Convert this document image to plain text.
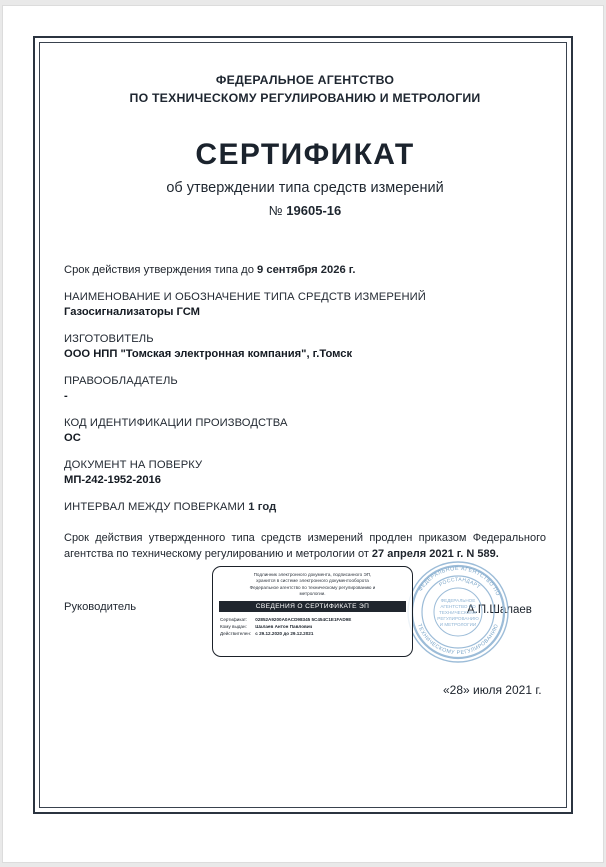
ФЕДЕРАЛЬНОЕ АГЕНТСТВО
ПО ТЕХНИЧЕСКОМУ РЕГУЛИРОВАНИЮ И МЕТРОЛОГИИ
СЕРТИФИКАТ
об утверждении типа средств измерений
№ 19605-16
Срок действия утверждения типа до 9 сентября 2026 г.
НАИМЕНОВАНИЕ И ОБОЗНАЧЕНИЕ ТИПА СРЕДСТВ ИЗМЕРЕНИЙ
Газосигнализаторы ГСМ
ИЗГОТОВИТЕЛЬ
ООО НПП "Томская электронная компания", г.Томск
ПРАВООБЛАДАТЕЛЬ
-
КОД ИДЕНТИФИКАЦИИ ПРОИЗВОДСТВА
ОС
ДОКУМЕНТ НА ПОВЕРКУ
МП-242-1952-2016
ИНТЕРВАЛ МЕЖДУ ПОВЕРКАМИ 1 год
Срок действия утвержденного типа средств измерений продлен приказом Федерального агентства по техническому регулированию и метрологии от 27 апреля 2021 г. N 589.
Руководитель	А.П.Шалаев
«28» июля 2021 г.
ФЕДЕРАЛЬНОЕ АГЕНТСТВО ПО
ТЕХНИЧЕСКОМУ РЕГУЛИРОВАНИЮ
РОССТАНДАРТ
ФЕДЕРАЛЬНОЕ
АГЕНТСТВО ПО
ТЕХНИЧЕСКОМУ
РЕГУЛИРОВАНИЮ
И МЕТРОЛОГИИ
Подлинник электронного документа, подписанного ЭП,
хранится в системе электронного документооборота
Федеральное агентство по техническому регулированию и
метрологии.
СВЕДЕНИЯ О СЕРТИФИКАТЕ ЭП
Сертификат: 02852A9200A0ACD98345 5C454C1E1FAD9E
Кому выдан: Шалаев Антон Павлович
Действителен: с 29.12.2020 до 29.12.2021
